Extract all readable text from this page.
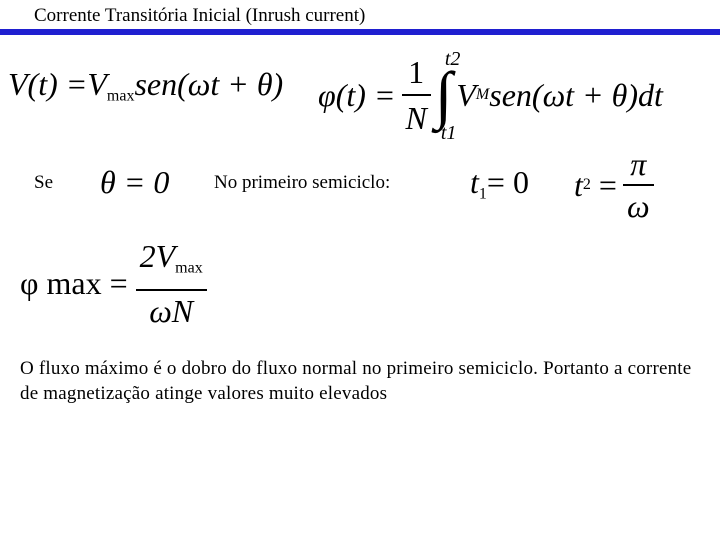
Corrente Transitória Inicial (Inrush current)
$V(t) =V_{max}sen(\omega t + \theta) \varphi(t) = \frac{1}{N} t2$
∫
t1
V M sen(ωt + θ)dt
Se θ = 0 No primeiro semiciclo: $t_1= 0$ t $2 = \frac{\pi}{\omega}$
φ $\max = \frac{2V_{max}}{\omega N}$
O fluxo máximo é o dobro do fluxo normal no primeiro semiciclo. Portanto a corrente de magnetização atinge valores muito elevados
